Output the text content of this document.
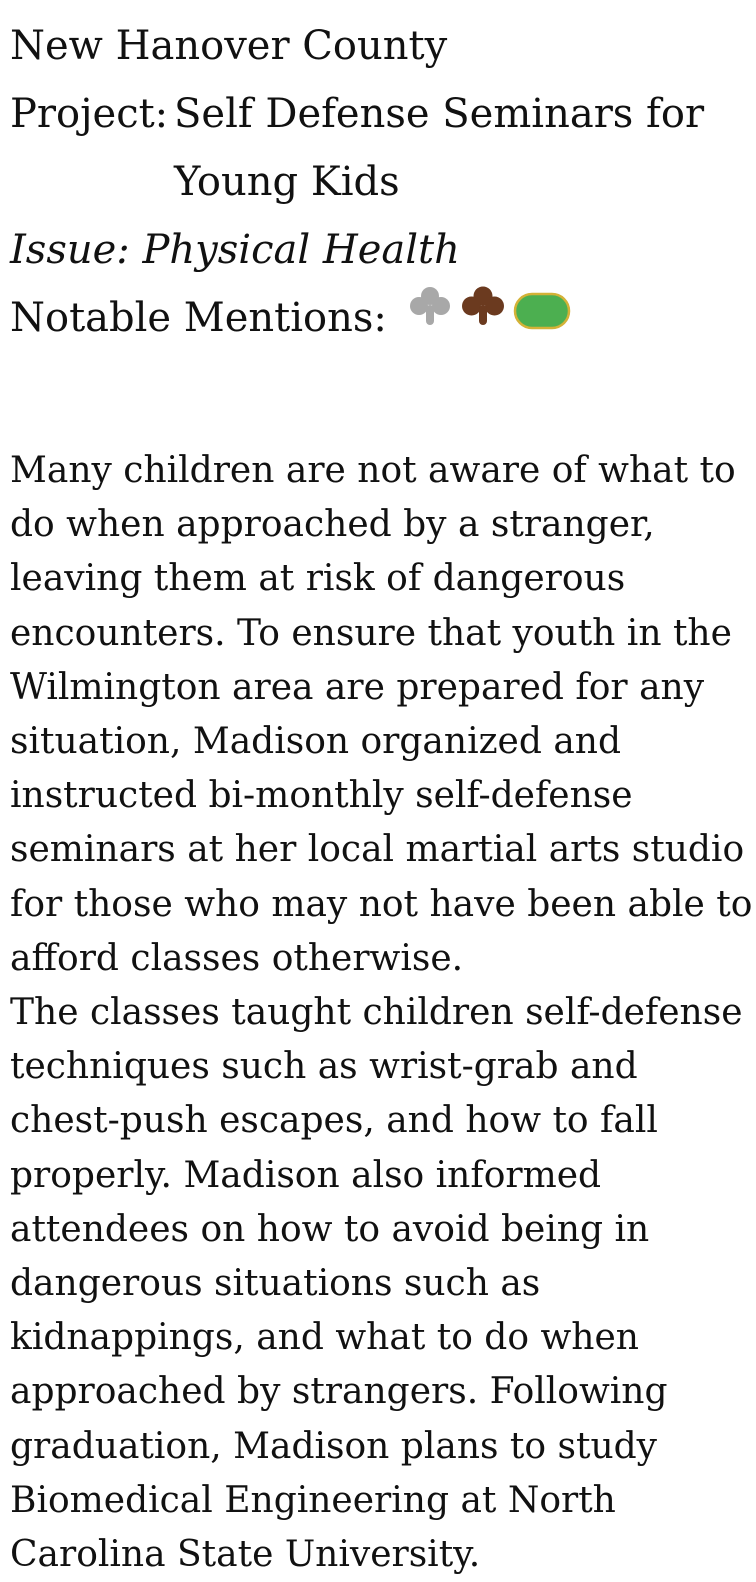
New Hanover County
Project: Self Defense Seminars for Young Kids
Issue: Physical Health
Notable Mentions:

Many children are not aware of what to do when approached by a stranger, leaving them at risk of dangerous encounters. To ensure that youth in the Wilmington area are prepared for any situation, Madison organized and instructed bi-monthly self-defense seminars at her local martial arts studio for those who may not have been able to afford classes otherwise.

The classes taught children self-defense techniques such as wrist-grab and chest-push escapes, and how to fall properly. Madison also informed attendees on how to avoid being in dangerous situations such as kidnappings, and what to do when approached by strangers. Following graduation, Madison plans to study Biomedical Engineering at North Carolina State University.
